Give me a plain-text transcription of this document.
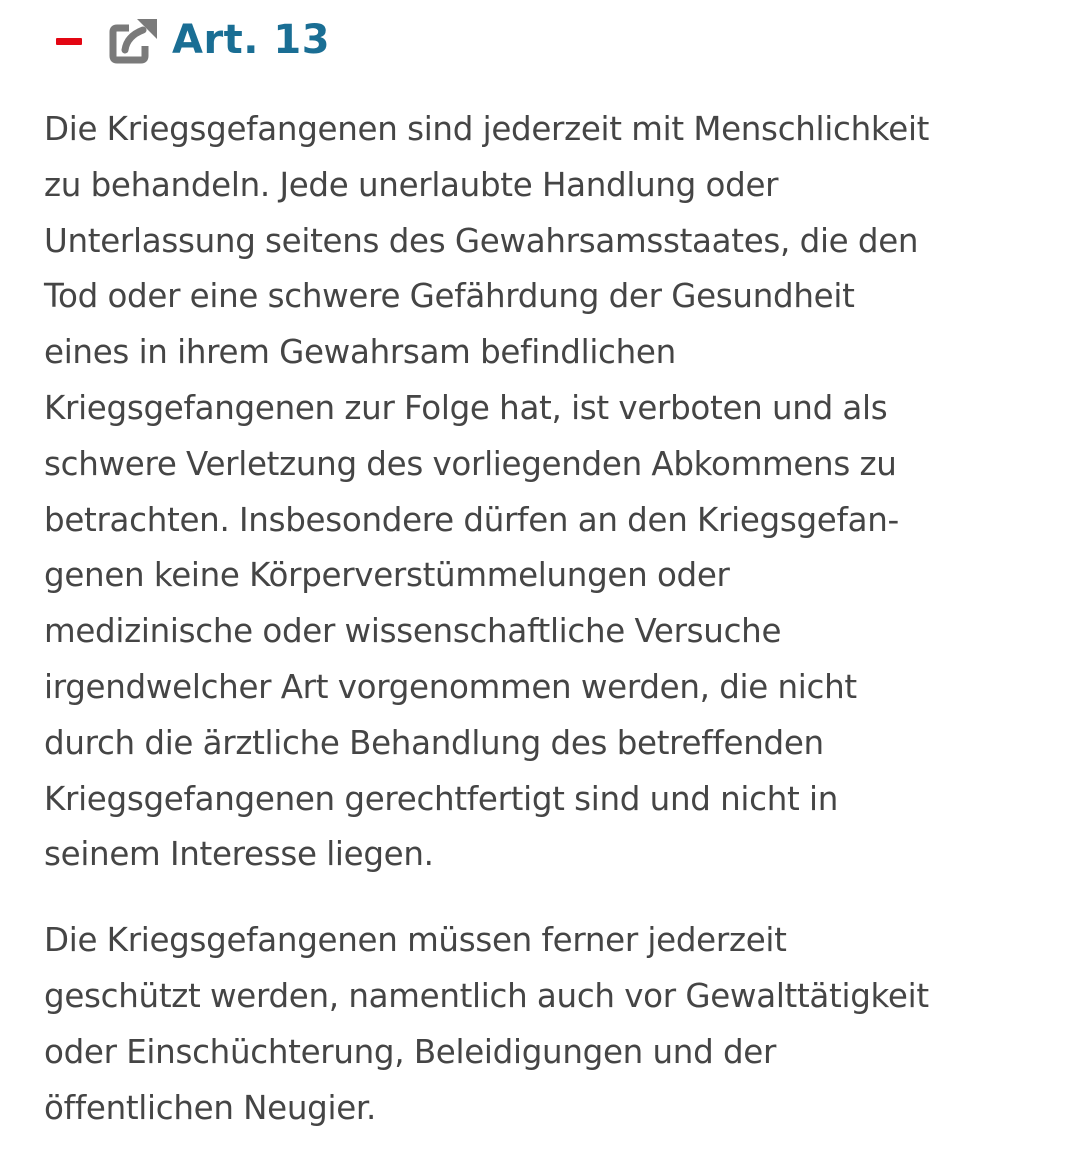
Art. 13

Die Kriegsgefangenen sind jederzeit mit Menschlichkeit
zu behandeln. Jede unerlaubte Handlung oder
Unterlassung seitens des Gewahrsamsstaates, die den
Tod oder eine schwere Gefährdung der Gesundheit
eines in ihrem Gewahrsam befindlichen
Kriegsgefangenen zur Folge hat, ist verboten und als
schwere Verletzung des vorliegenden Abkommens zu
betrachten. Insbesondere dürfen an den Kriegsgefan-
genen keine Körperverstümmelungen oder
medizinische oder wissenschaftliche Versuche
irgendwelcher Art vorgenommen werden, die nicht
durch die ärztliche Behandlung des betreffenden
Kriegsgefangenen gerechtfertigt sind und nicht in
seinem Interesse liegen.

Die Kriegsgefangenen müssen ferner jederzeit
geschützt werden, namentlich auch vor Gewalttätigkeit
oder Einschüchterung, Beleidigungen und der
öffentlichen Neugier.
